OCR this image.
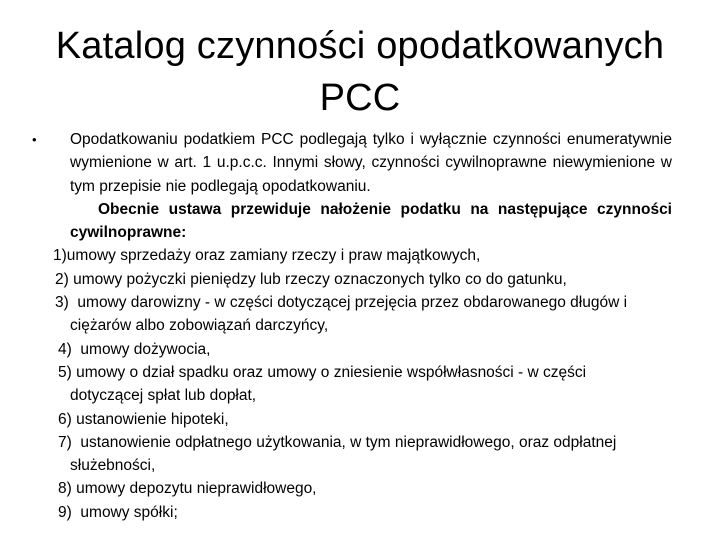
Katalog czynności opodatkowanych
PCC
• Opodatkowaniu podatkiem PCC podlegają tylko i wyłącznie czynności enumeratywnie wymienione w art. 1 u.p.c.c. Innymi słowy, czynności cywilnoprawne niewymienione w tym przepisie nie podlegają opodatkowaniu.

Obecnie ustawa przewiduje nałożenie podatku na następujące czynności cywilnoprawne:

1)umowy sprzedaży oraz zamiany rzeczy i praw majątkowych,
2) umowy pożyczki pieniędzy lub rzeczy oznaczonych tylko co do gatunku,
3)  umowy darowizny - w części dotyczącej przejęcia przez obdarowanego długów i
ciężarów albo zobowiązań darczyńcy,
4)  umowy dożywocia,
5) umowy o dział spadku oraz umowy o zniesienie współwłasności - w części
dotyczącej spłat lub dopłat,
6) ustanowienie hipoteki,
7)  ustanowienie odpłatnego użytkowania, w tym nieprawidłowego, oraz odpłatnej
służebności,
8) umowy depozytu nieprawidłowego,
9)  umowy spółki;
